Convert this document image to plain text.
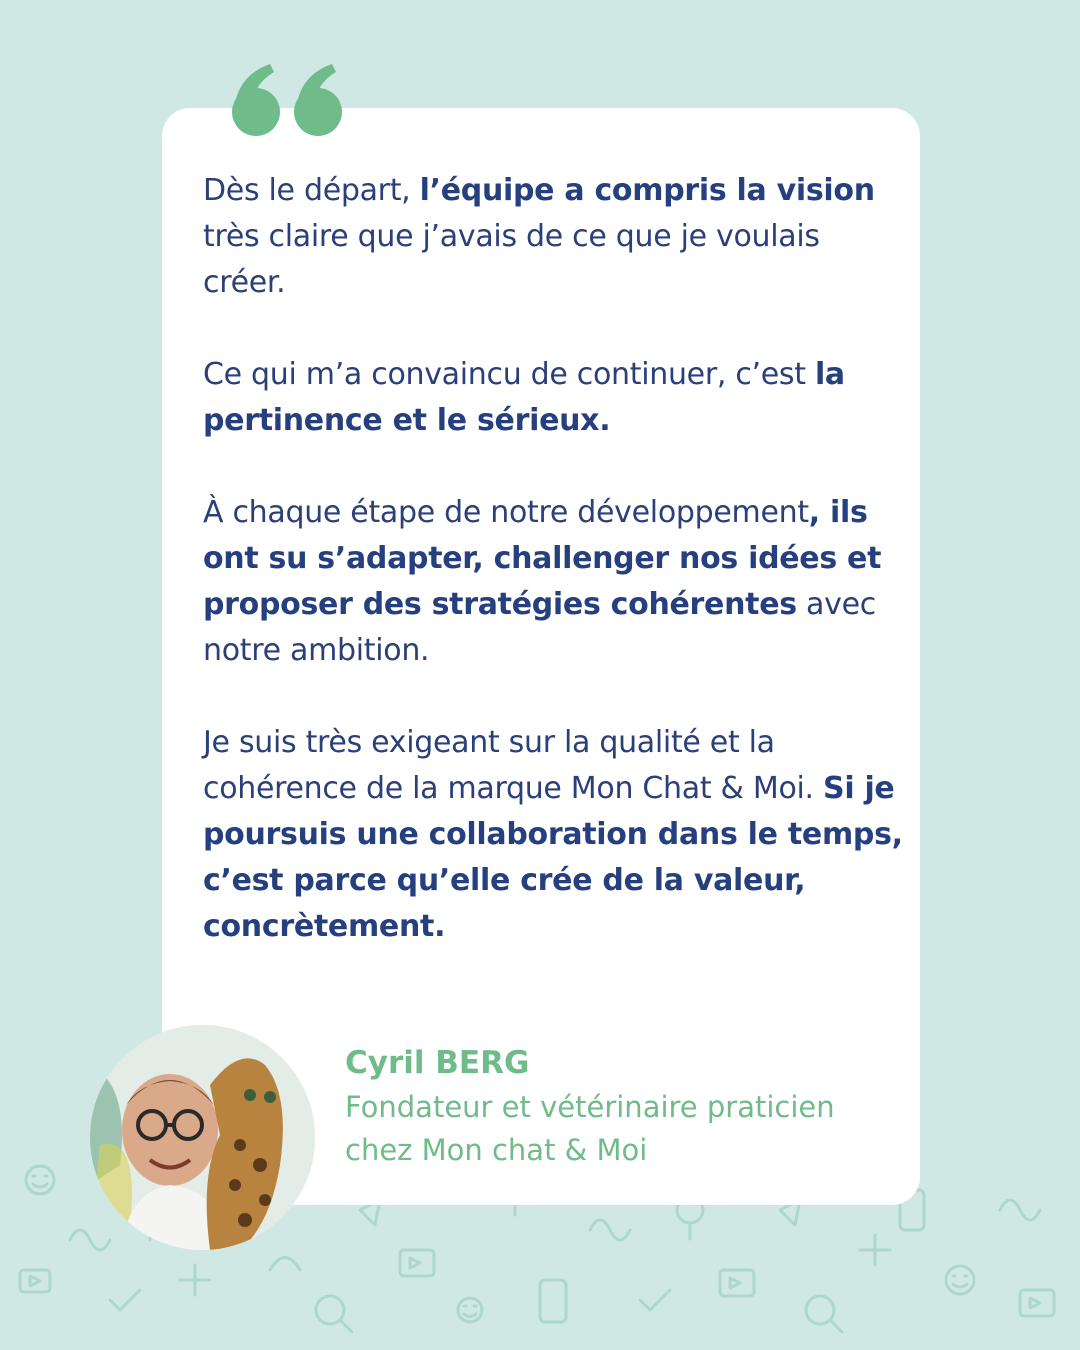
Dès le départ, l’équipe a compris la vision très claire que j’avais de ce que je voulais créer.

Ce qui m’a convaincu de continuer, c’est la pertinence et le sérieux.

À chaque étape de notre développement, ils ont su s’adapter, challenger nos idées et proposer des stratégies cohérentes avec notre ambition.

Je suis très exigeant sur la qualité et la cohérence de la marque Mon Chat & Moi. Si je poursuis une collaboration dans le temps, c’est parce qu’elle crée de la valeur, concrètement.

Cyril BERG
Fondateur et vétérinaire praticien
chez Mon chat & Moi
